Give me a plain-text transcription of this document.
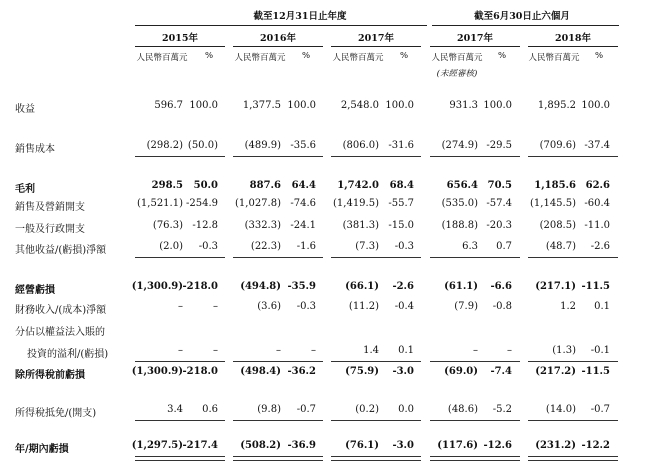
截至12月31日止年度	截至6月30日止六個月
2015年	2016年	2017年	2017年	2018年
人民幣百萬元	%	人民幣百萬元	%	人民幣百萬元	%	人民幣百萬元	%	人民幣百萬元	%
(未經審核)
收益	596.7 100.0	1,377.5 100.0	2,548.0 100.0	931.3 100.0	1,895.2 100.0
銷售成本	(298.2) (50.0)	(489.9) -35.6	(806.0) -31.6	(274.9) -29.5	(709.6) -37.4
毛利	298.5	50.0	887.6	64.4	1,742.0	68.4	656.4 70.5	1,185.6 62.6
銷售及營銷開支	(1,521.1) -254.9	(1,027.8) -74.6	(1,419.5) -55.7	(535.0) -57.4	(1,145.5) -60.4
一般及行政開支	(76.3) -12.8	(332.3) -24.1	(381.3) -15.0	(188.8) -20.3	(208.5) -11.0
其他收益/(虧損)淨額	(2.0)	-0.3	(22.3)	-1.6	(7.3)	-0.3	6.3	0.7	(48.7)	-2.6
經營虧損	(1,300.9) -218.0	(494.8) -35.9	(66.1)	-2.6	(61.1)	-6.6	(217.1) -11.5
財務收入/(成本)淨額	–	–	(3.6)	-0.3	(11.2)	-0.4	(7.9)	-0.8	1.2	0.1
分佔以權益法入賬的
投資的溢利/(虧損)	–	–	–	–	1.4	0.1	–	–	(1.3)	-0.1
除所得稅前虧損	(1,300.9) -218.0	(498.4) -36.2	(75.9)	-3.0	(69.0)	-7.4	(217.2) -11.5
所得稅抵免/(開支)	3.4	0.6	(9.8)	-0.7	(0.2)	0.0	(48.6)	-5.2	(14.0)	-0.7
年/期內虧損	(1,297.5) -217.4	(508.2) -36.9	(76.1)	-3.0	(117.6) -12.6	(231.2) -12.2
